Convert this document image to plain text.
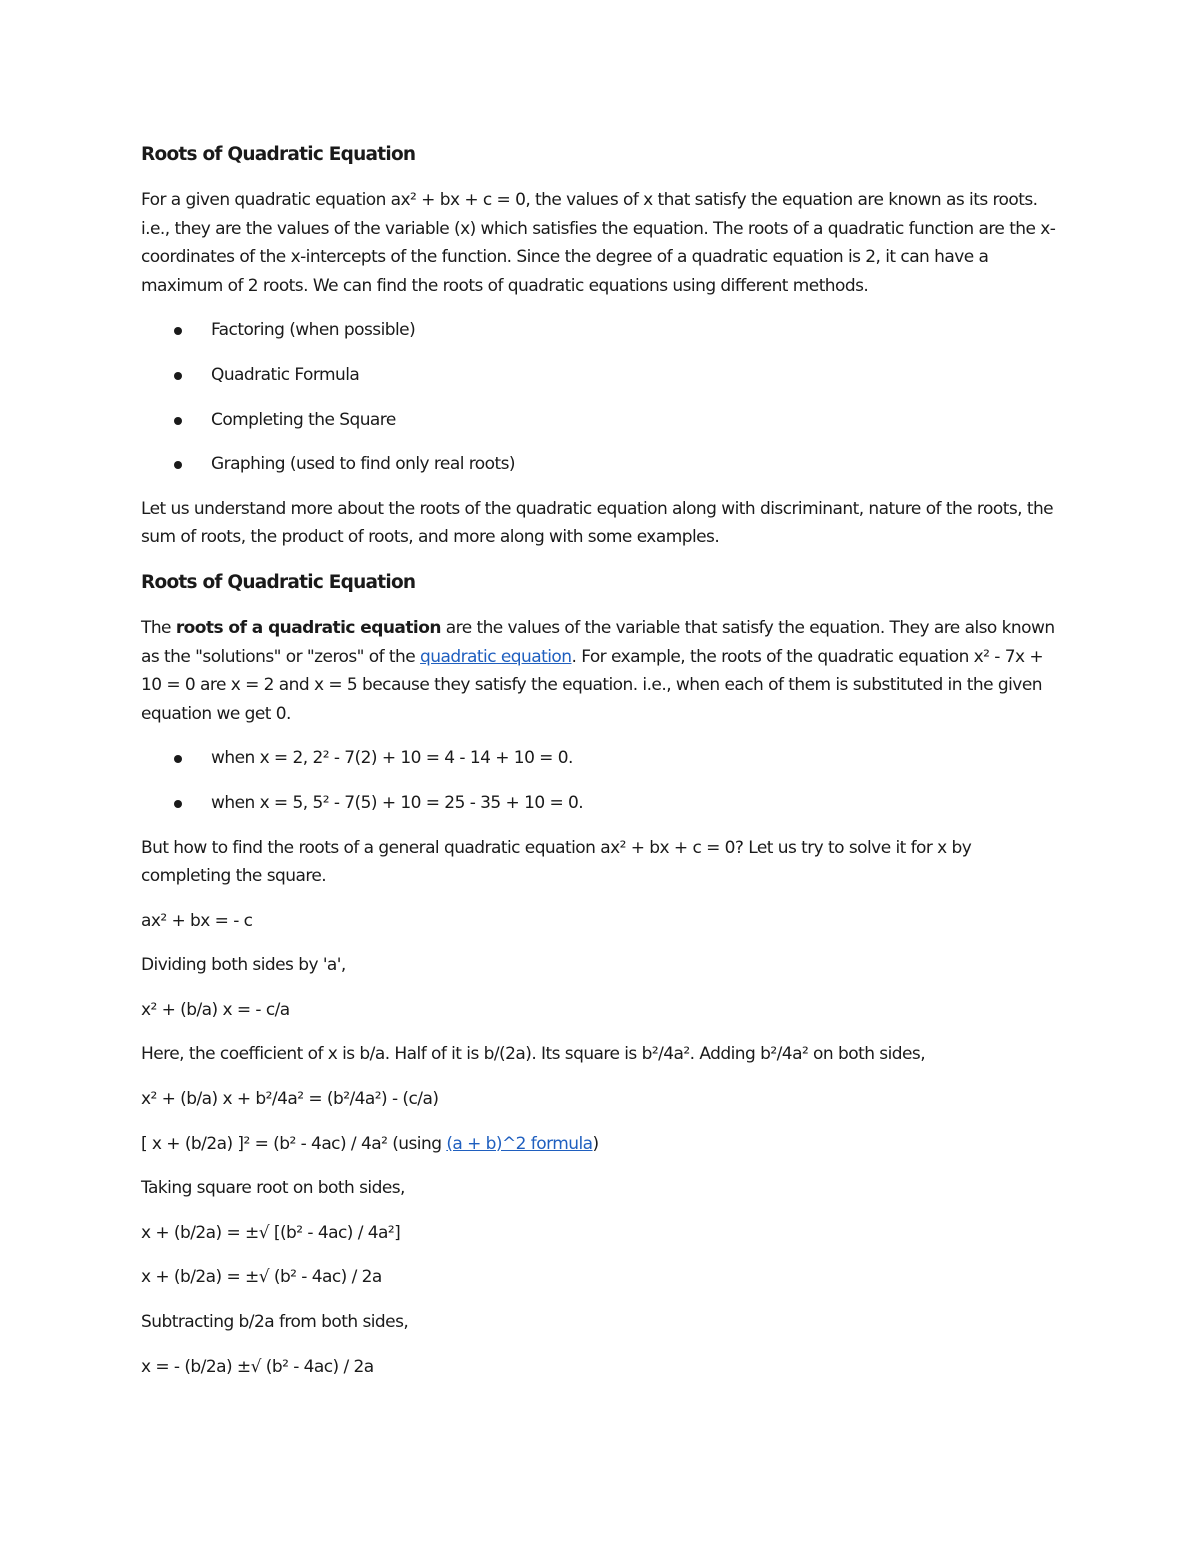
Roots of Quadratic Equation

For a given quadratic equation ax² + bx + c = 0, the values of x that satisfy the equation are known as its roots. i.e., they are the values of the variable (x) which satisfies the equation. The roots of a quadratic function are the x-coordinates of the x-intercepts of the function. Since the degree of a quadratic equation is 2, it can have a maximum of 2 roots. We can find the roots of quadratic equations using different methods.

Factoring (when possible)
Quadratic Formula
Completing the Square
Graphing (used to find only real roots)

Let us understand more about the roots of the quadratic equation along with discriminant, nature of the roots, the sum of roots, the product of roots, and more along with some examples.

Roots of Quadratic Equation

The roots of a quadratic equation are the values of the variable that satisfy the equation. They are also known as the "solutions" or "zeros" of the quadratic equation. For example, the roots of the quadratic equation x² - 7x + 10 = 0 are x = 2 and x = 5 because they satisfy the equation. i.e., when each of them is substituted in the given equation we get 0.

when x = 2, 2² - 7(2) + 10 = 4 - 14 + 10 = 0.
when x = 5, 5² - 7(5) + 10 = 25 - 35 + 10 = 0.

But how to find the roots of a general quadratic equation ax² + bx + c = 0? Let us try to solve it for x by completing the square.

ax² + bx = - c

Dividing both sides by 'a',

x² + (b/a) x = - c/a

Here, the coefficient of x is b/a. Half of it is b/(2a). Its square is b²/4a². Adding b²/4a² on both sides,

x² + (b/a) x + b²/4a² = (b²/4a²) - (c/a)

[ x + (b/2a) ]² = (b² - 4ac) / 4a² (using (a + b)^2 formula)

Taking square root on both sides,

x + (b/2a) = ±√ [(b² - 4ac) / 4a²]

x + (b/2a) = ±√ (b² - 4ac) / 2a

Subtracting b/2a from both sides,

x = - (b/2a) ±√ (b² - 4ac) / 2a
